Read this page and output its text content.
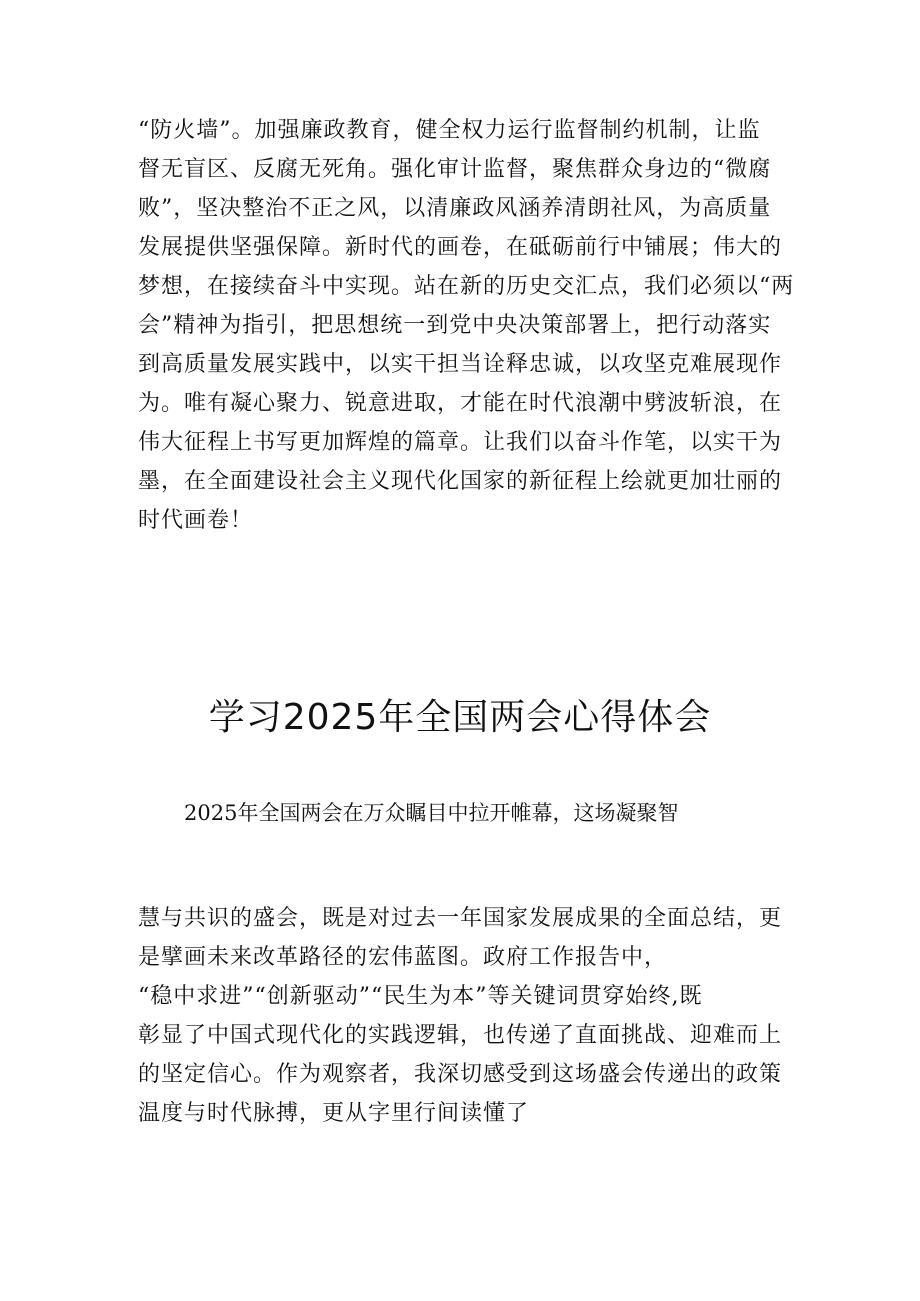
“防火墙”。加强廉政教育，健全权力运行监督制约机制，让监
督无盲区、反腐无死角。强化审计监督，聚焦群众身边的“微腐
败”，坚决整治不正之风，以清廉政风涵养清朗社风，为高质量
发展提供坚强保障。新时代的画卷，在砥砺前行中铺展；伟大的
梦想，在接续奋斗中实现。站在新的历史交汇点，我们必须以“两
会”精神为指引，把思想统一到党中央决策部署上，把行动落实
到高质量发展实践中，以实干担当诠释忠诚，以攻坚克难展现作
为。唯有凝心聚力、锐意进取，才能在时代浪潮中劈波斩浪，在
伟大征程上书写更加辉煌的篇章。让我们以奋斗作笔，以实干为
墨，在全面建设社会主义现代化国家的新征程上绘就更加壮丽的
时代画卷！
学习2025年全国两会心得体会
2025年全国两会在万众瞩目中拉开帷幕，这场凝聚智
慧与共识的盛会，既是对过去一年国家发展成果的全面总结，更
是擘画未来改革路径的宏伟蓝图。政府工作报告中，
“稳中求进”“创新驱动”“民生为本”等关键词贯穿始终,既
彰显了中国式现代化的实践逻辑，也传递了直面挑战、迎难而上
的坚定信心。作为观察者，我深切感受到这场盛会传递出的政策
温度与时代脉搏，更从字里行间读懂了
